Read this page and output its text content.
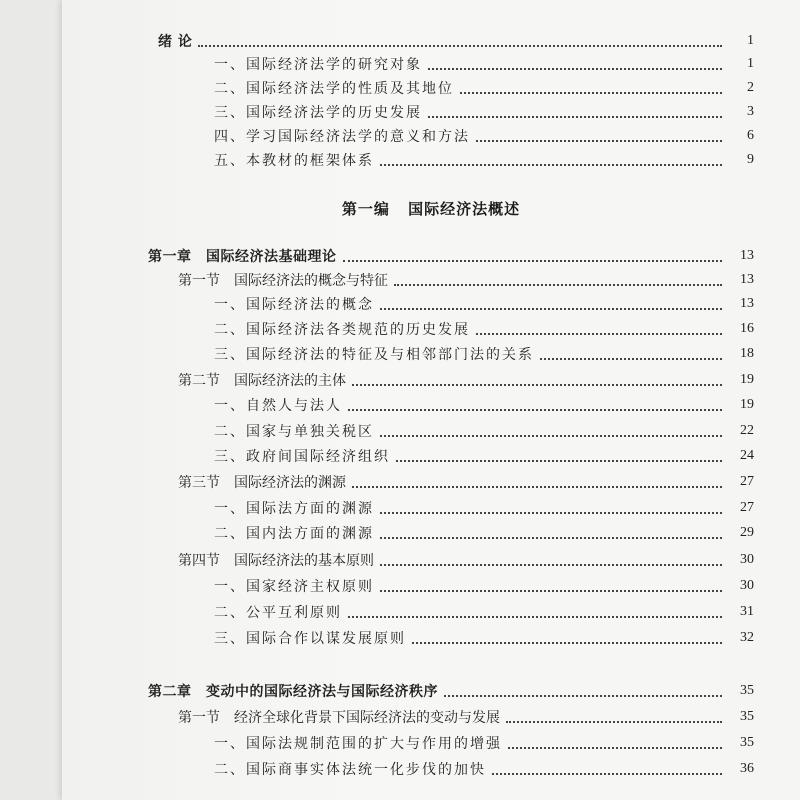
绪 论	1
一、国际经济法学的研究对象	1
二、国际经济法学的性质及其地位	2
三、国际经济法学的历史发展	3
四、学习国际经济法学的意义和方法	6
五、本教材的框架体系	9
第一编 国际经济法概述
第一章　国际经济法基础理论	13
第一节　国际经济法的概念与特征	13
一、国际经济法的概念	13
二、国际经济法各类规范的历史发展	16
三、国际经济法的特征及与相邻部门法的关系	18
第二节　国际经济法的主体	19
一、自然人与法人	19
二、国家与单独关税区	22
三、政府间国际经济组织	24
第三节　国际经济法的渊源	27
一、国际法方面的渊源	27
二、国内法方面的渊源	29
第四节　国际经济法的基本原则	30
一、国家经济主权原则	30
二、公平互利原则	31
三、国际合作以谋发展原则	32
第二章　变动中的国际经济法与国际经济秩序	35
第一节　经济全球化背景下国际经济法的变动与发展	35
一、国际法规制范围的扩大与作用的增强	35
二、国际商事实体法统一化步伐的加快	36
